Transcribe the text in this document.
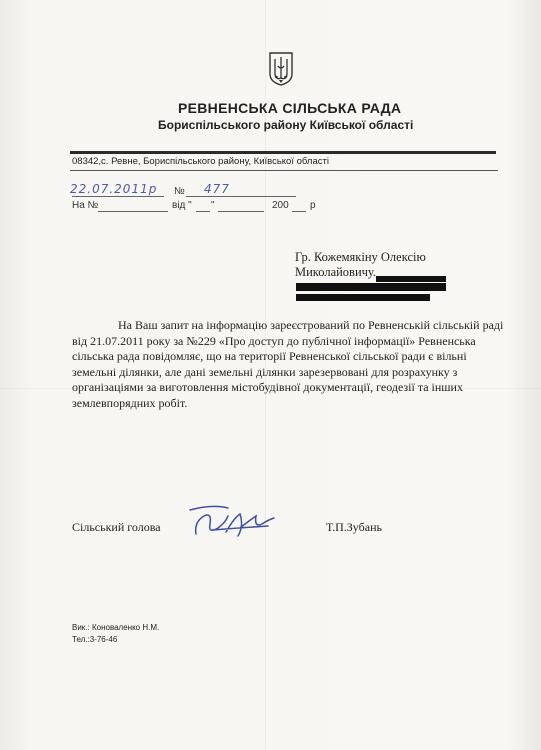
РЕВНЕНСЬКА СІЛЬСЬКА РАДА
Бориспільського району Київської області
08342,с. Ревне, Бориспільського району, Київської області
22.07.2011р № 477
На №	від " "	200 р
Гр. Кожемякіну Олексію
Миколайовичу.

На Ваш запит на інформацію зареєстрований по Ревненській сільській раді від 21.07.2011 року за №229 «Про доступ до публічної інформації» Ревненська сільська рада повідомляє, що на території Ревненської сільської ради є вільні земельні ділянки, але дані земельні ділянки зарезервовані для розрахунку з організаціями за виготовлення містобудівної документації, геодезії та інших землевпорядних робіт.

Сільський голова	Т.П.Зубань
Вик.: Коноваленко Н.М.
Тел.:3-76-46
